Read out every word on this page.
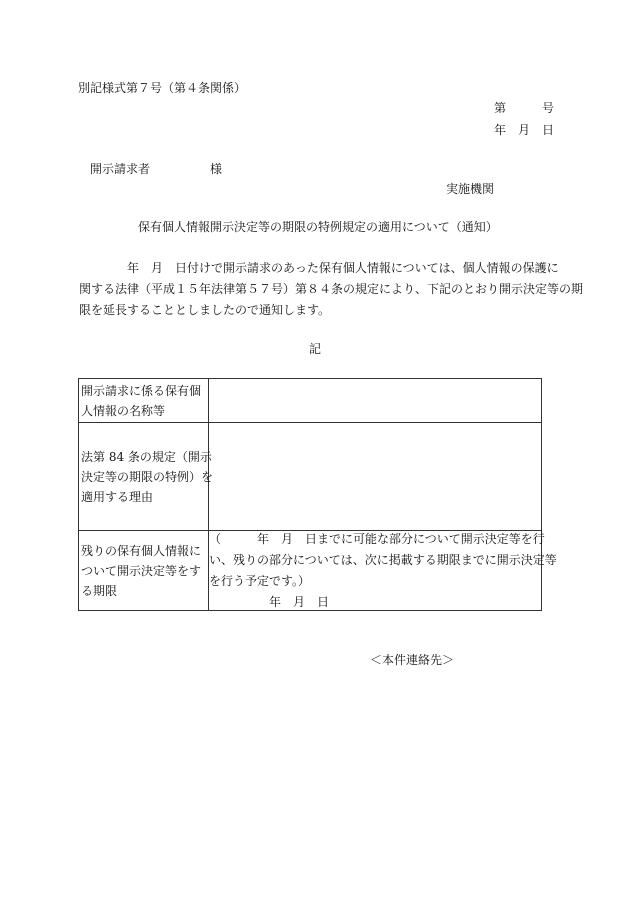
別記様式第７号（第４条関係）
第　　　号
年　月　日
開示請求者　　　　　様
実施機関
保有個人情報開示決定等の期限の特例規定の適用について（通知）
　　　　年　月　日付けで開示請求のあった保有個人情報については、個人情報の保護に
関する法律（平成１５年法律第５７号）第８４条の規定により、下記のとおり開示決定等の期
限を延長することとしましたので通知します。
記
開示請求に係る保有個
人情報の名称等	

法第 84 条の規定（開示
決定等の期限の特例）を
適用する理由	

残りの保有個人情報に
ついて開示決定等をす
る期限	（　　　年　月　日までに可能な部分について開示決定等を行
い、残りの部分については、次に掲載する期限までに開示決定等
を行う予定です。）
　　　　　年　月　日
＜本件連絡先＞
